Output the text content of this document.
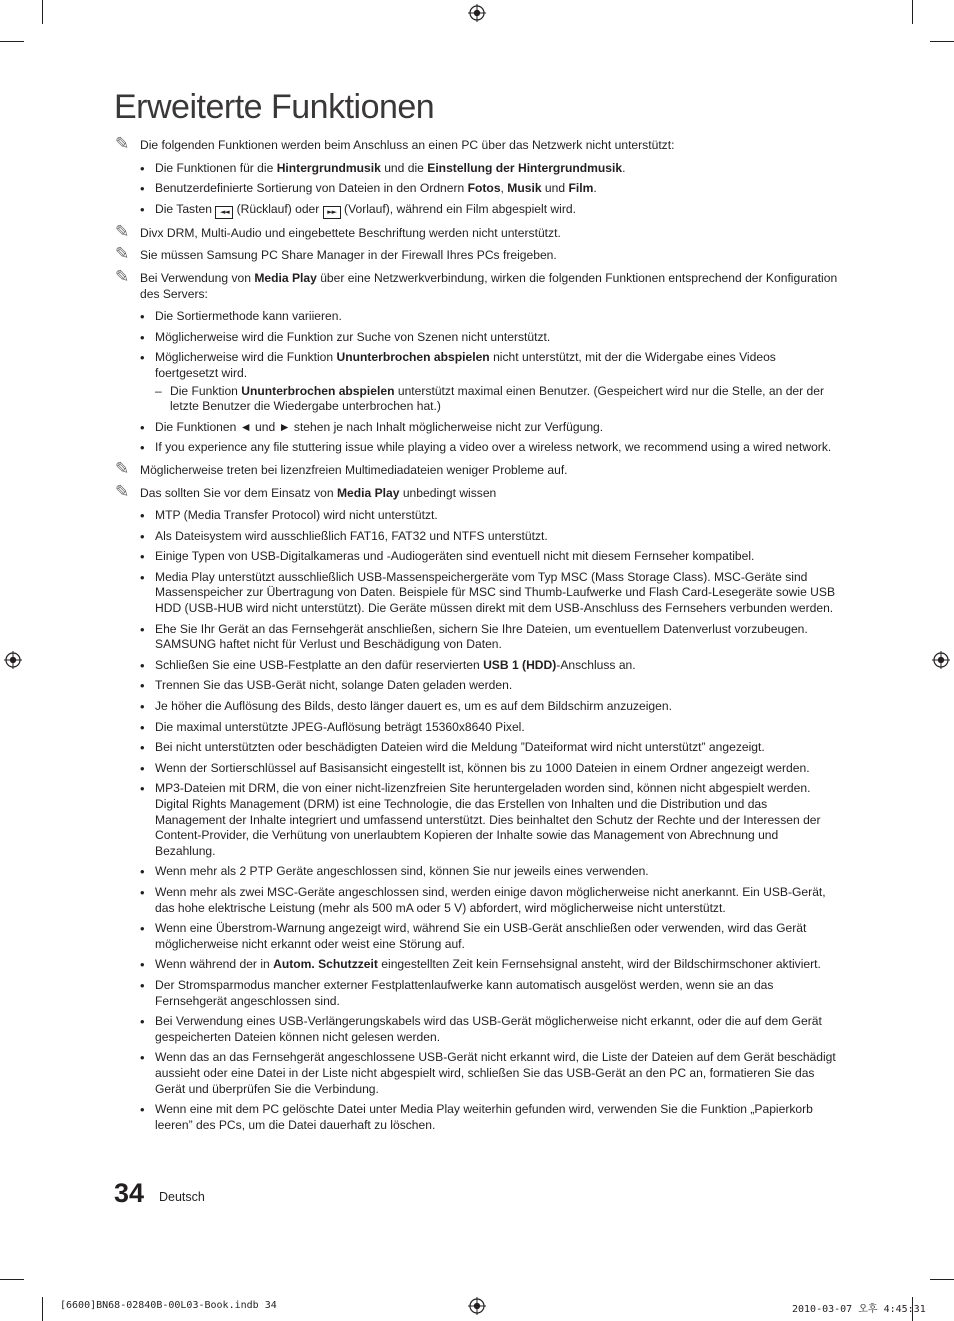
Erweiterte Funktionen
✎ Die folgenden Funktionen werden beim Anschluss an einen PC über das Netzwerk nicht unterstützt:
• Die Funktionen für die Hintergrundmusik und die Einstellung der Hintergrundmusik.
• Benutzerdefinierte Sortierung von Dateien in den Ordnern Fotos, Musik und Film.
• Die Tasten ◄◄ (Rücklauf) oder ►► (Vorlauf), während ein Film abgespielt wird.
✎ Divx DRM, Multi-Audio und eingebettete Beschriftung werden nicht unterstützt.
✎ Sie müssen Samsung PC Share Manager in der Firewall Ihres PCs freigeben.
✎ Bei Verwendung von Media Play über eine Netzwerkverbindung, wirken die folgenden Funktionen entsprechend der Konfiguration des Servers:
• Die Sortiermethode kann variieren.
• Möglicherweise wird die Funktion zur Suche von Szenen nicht unterstützt.
• Möglicherweise wird die Funktion Ununterbrochen abspielen nicht unterstützt, mit der die Widergabe eines Videos foertgesetzt wird.
– Die Funktion Ununterbrochen abspielen unterstützt maximal einen Benutzer. (Gespeichert wird nur die Stelle, an der der letzte Benutzer die Wiedergabe unterbrochen hat.)
• Die Funktionen ◄ und ► stehen je nach Inhalt möglicherweise nicht zur Verfügung.
• If you experience any file stuttering issue while playing a video over a wireless network, we recommend using a wired network.
✎ Möglicherweise treten bei lizenzfreien Multimediadateien weniger Probleme auf.
✎ Das sollten Sie vor dem Einsatz von Media Play unbedingt wissen
• MTP (Media Transfer Protocol) wird nicht unterstützt.
• Als Dateisystem wird ausschließlich FAT16, FAT32 und NTFS unterstützt.
• Einige Typen von USB-Digitalkameras und -Audiogeräten sind eventuell nicht mit diesem Fernseher kompatibel.
• Media Play unterstützt ausschließlich USB-Massenspeichergeräte vom Typ MSC (Mass Storage Class). MSC-Geräte sind Massenspeicher zur Übertragung von Daten. Beispiele für MSC sind Thumb-Laufwerke und Flash Card-Lesegeräte sowie USB HDD (USB-HUB wird nicht unterstützt). Die Geräte müssen direkt mit dem USB-Anschluss des Fernsehers verbunden werden.
• Ehe Sie Ihr Gerät an das Fernsehgerät anschließen, sichern Sie Ihre Dateien, um eventuellem Datenverlust vorzubeugen. SAMSUNG haftet nicht für Verlust und Beschädigung von Daten.
• Schließen Sie eine USB-Festplatte an den dafür reservierten USB 1 (HDD)-Anschluss an.
• Trennen Sie das USB-Gerät nicht, solange Daten geladen werden.
• Je höher die Auflösung des Bilds, desto länger dauert es, um es auf dem Bildschirm anzuzeigen.
• Die maximal unterstützte JPEG-Auflösung beträgt 15360x8640 Pixel.
• Bei nicht unterstützten oder beschädigten Dateien wird die Meldung ”Dateiformat wird nicht unterstützt” angezeigt.
• Wenn der Sortierschlüssel auf Basisansicht eingestellt ist, können bis zu 1000 Dateien in einem Ordner angezeigt werden.
• MP3-Dateien mit DRM, die von einer nicht-lizenzfreien Site heruntergeladen worden sind, können nicht abgespielt werden. Digital Rights Management (DRM) ist eine Technologie, die das Erstellen von Inhalten und die Distribution und das Management der Inhalte integriert und umfassend unterstützt. Dies beinhaltet den Schutz der Rechte und der Interessen der Content-Provider, die Verhütung von unerlaubtem Kopieren der Inhalte sowie das Management von Abrechnung und Bezahlung.
• Wenn mehr als 2 PTP Geräte angeschlossen sind, können Sie nur jeweils eines verwenden.
• Wenn mehr als zwei MSC-Geräte angeschlossen sind, werden einige davon möglicherweise nicht anerkannt. Ein USB-Gerät, das hohe elektrische Leistung (mehr als 500 mA oder 5 V) abfordert, wird möglicherweise nicht unterstützt.
• Wenn eine Überstrom-Warnung angezeigt wird, während Sie ein USB-Gerät anschließen oder verwenden, wird das Gerät möglicherweise nicht erkannt oder weist eine Störung auf.
• Wenn während der in Autom. Schutzzeit eingestellten Zeit kein Fernsehsignal ansteht, wird der Bildschirmschoner aktiviert.
• Der Stromsparmodus mancher externer Festplattenlaufwerke kann automatisch ausgelöst werden, wenn sie an das Fernsehgerät angeschlossen sind.
• Bei Verwendung eines USB-Verlängerungskabels wird das USB-Gerät möglicherweise nicht erkannt, oder die auf dem Gerät gespeicherten Dateien können nicht gelesen werden.
• Wenn das an das Fernsehgerät angeschlossene USB-Gerät nicht erkannt wird, die Liste der Dateien auf dem Gerät beschädigt aussieht oder eine Datei in der Liste nicht abgespielt wird, schließen Sie das USB-Gerät an den PC an, formatieren Sie das Gerät und überprüfen Sie die Verbindung.
• Wenn eine mit dem PC gelöschte Datei unter Media Play weiterhin gefunden wird, verwenden Sie die Funktion „Papierkorb leeren” des PCs, um die Datei dauerhaft zu löschen.
34 Deutsch
[6600]BN68-02840B-00L03-Book.indb 34	2010-03-07 오후 4:45:31
